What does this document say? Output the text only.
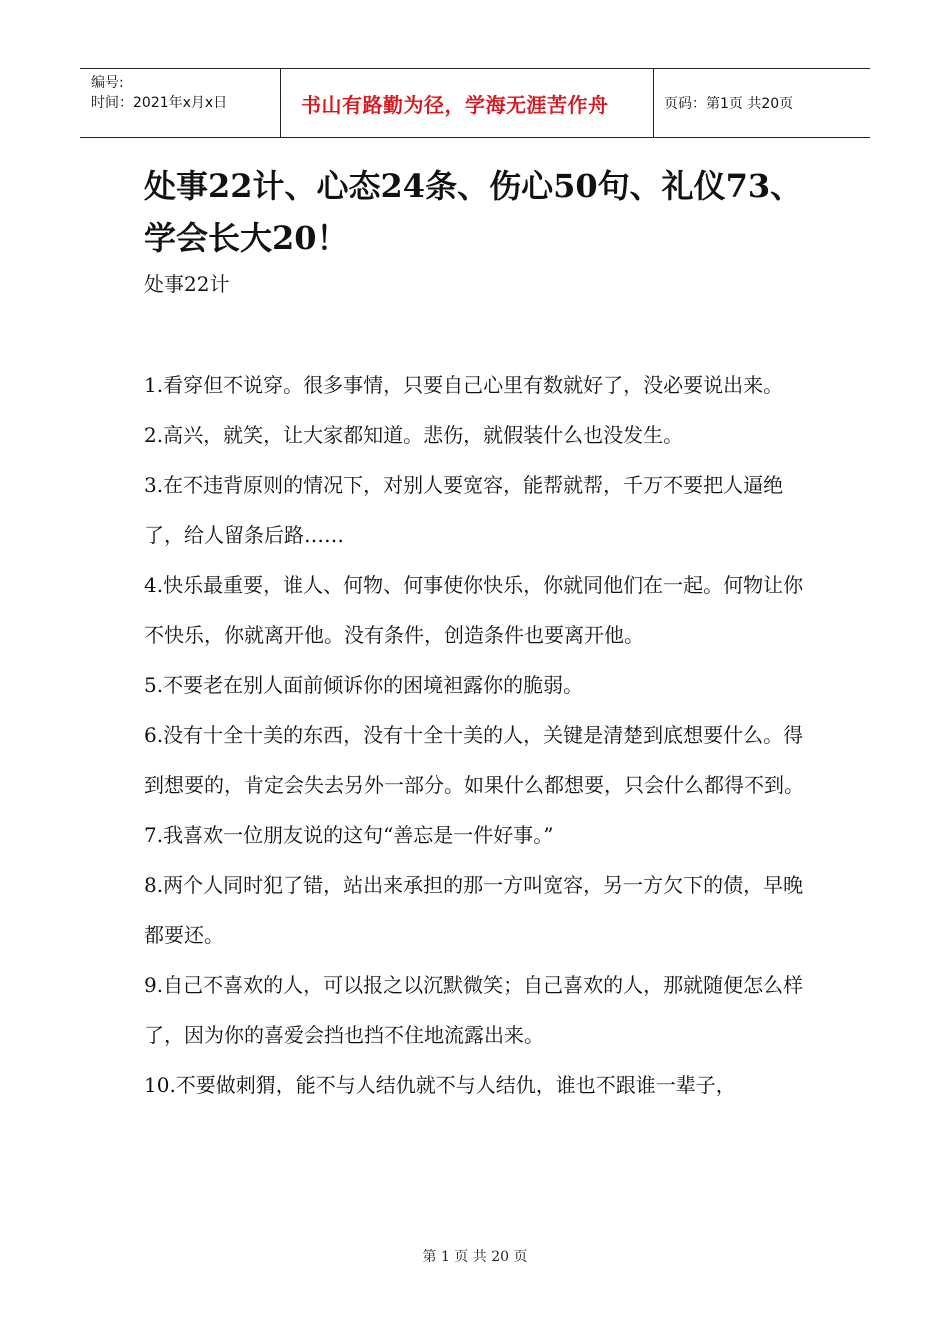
编号:
时间：2021年x月x日	书山有路勤为径，学海无涯苦作舟	页码：第1页 共20页
处事22计、心态24条、伤心50句、礼仪73、学会长大20！
处事22计

1.看穿但不说穿。很多事情，只要自己心里有数就好了，没必要说出来。

2.高兴，就笑，让大家都知道。悲伤，就假装什么也没发生。

3.在不违背原则的情况下，对别人要宽容，能帮就帮，千万不要把人逼绝了，给人留条后路……

4.快乐最重要，谁人、何物、何事使你快乐，你就同他们在一起。何物让你不快乐，你就离开他。没有条件，创造条件也要离开他。

5.不要老在别人面前倾诉你的困境袒露你的脆弱。

6.没有十全十美的东西，没有十全十美的人，关键是清楚到底想要什么。得到想要的，肯定会失去另外一部分。如果什么都想要，只会什么都得不到。

7.我喜欢一位朋友说的这句“善忘是一件好事。”

8.两个人同时犯了错，站出来承担的那一方叫宽容，另一方欠下的债，早晚都要还。

9.自己不喜欢的人，可以报之以沉默微笑；自己喜欢的人，那就随便怎么样了，因为你的喜爱会挡也挡不住地流露出来。

10.不要做刺猬，能不与人结仇就不与人结仇，谁也不跟谁一辈子，

第 1 页 共 20 页
